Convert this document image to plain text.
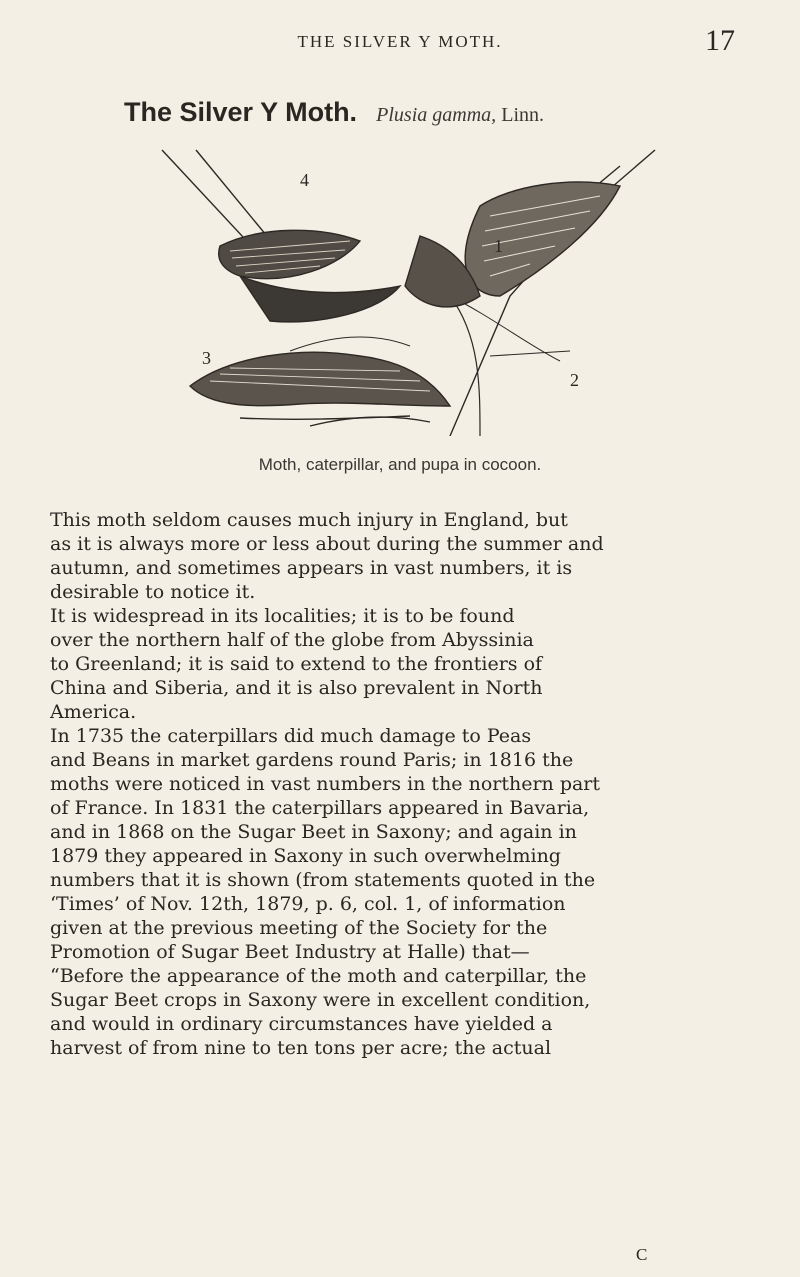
THE SILVER Y MOTH.	17
The Silver Y Moth. Plusia gamma, Linn.
4
1
3
2
Moth, caterpillar, and pupa in cocoon.
This moth seldom causes much injury in England, but
as it is always more or less about during the summer and
autumn, and sometimes appears in vast numbers, it is
desirable to notice it.
It is widespread in its localities; it is to be found
over the northern half of the globe from Abyssinia
to Greenland; it is said to extend to the frontiers of
China and Siberia, and it is also prevalent in North
America.
In 1735 the caterpillars did much damage to Peas
and Beans in market gardens round Paris; in 1816 the
moths were noticed in vast numbers in the northern part
of France. In 1831 the caterpillars appeared in Bavaria,
and in 1868 on the Sugar Beet in Saxony; and again in
1879 they appeared in Saxony in such overwhelming
numbers that it is shown (from statements quoted in the
‘Times’ of Nov. 12th, 1879, p. 6, col. 1, of information
given at the previous meeting of the Society for the
Promotion of Sugar Beet Industry at Halle) that—
“Before the appearance of the moth and caterpillar, the
Sugar Beet crops in Saxony were in excellent condition,
and would in ordinary circumstances have yielded a
harvest of from nine to ten tons per acre; the actual
C
